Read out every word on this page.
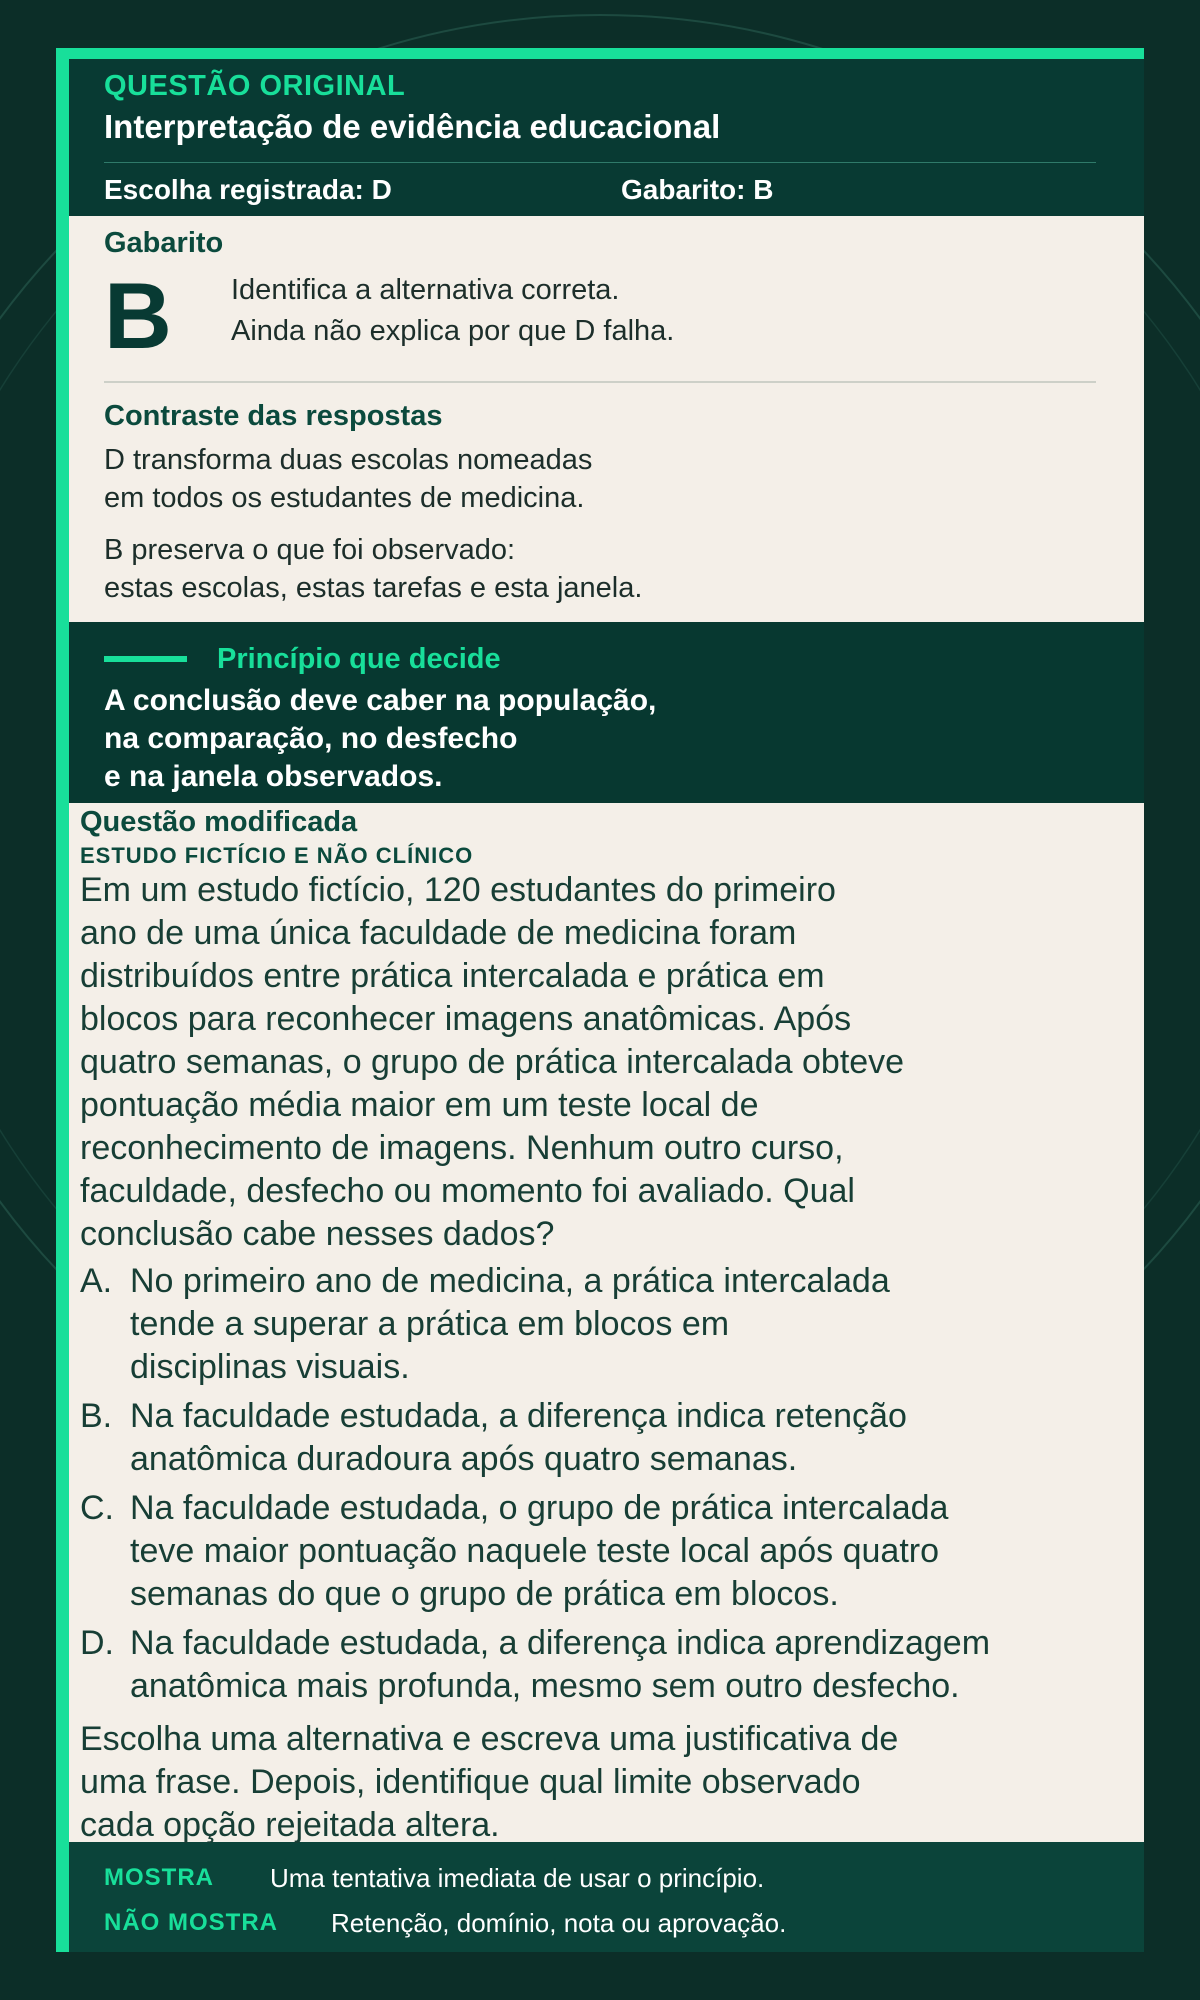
QUESTÃO ORIGINAL
Interpretação de evidência educacional
Escolha registrada: D	Gabarito: B
Gabarito
B	Identifica a alternativa correta.
Ainda não explica por que D falha.
Contraste das respostas
D transforma duas escolas nomeadas
em todos os estudantes de medicina.
B preserva o que foi observado:
estas escolas, estas tarefas e esta janela.
Princípio que decide
A conclusão deve caber na população,
na comparação, no desfecho
e na janela observados.
Questão modificada
ESTUDO FICTÍCIO E NÃO CLÍNICO
Em um estudo fictício, 120 estudantes do primeiro
ano de uma única faculdade de medicina foram
distribuídos entre prática intercalada e prática em
blocos para reconhecer imagens anatômicas. Após
quatro semanas, o grupo de prática intercalada obteve
pontuação média maior em um teste local de
reconhecimento de imagens. Nenhum outro curso,
faculdade, desfecho ou momento foi avaliado. Qual
conclusão cabe nesses dados?
A. No primeiro ano de medicina, a prática intercalada
tende a superar a prática em blocos em
disciplinas visuais.
B. Na faculdade estudada, a diferença indica retenção
anatômica duradoura após quatro semanas.
C. Na faculdade estudada, o grupo de prática intercalada
teve maior pontuação naquele teste local após quatro
semanas do que o grupo de prática em blocos.
D. Na faculdade estudada, a diferença indica aprendizagem
anatômica mais profunda, mesmo sem outro desfecho.
Escolha uma alternativa e escreva uma justificativa de
uma frase. Depois, identifique qual limite observado
cada opção rejeitada altera.
MOSTRA	Uma tentativa imediata de usar o princípio.
NÃO MOSTRA	Retenção, domínio, nota ou aprovação.
